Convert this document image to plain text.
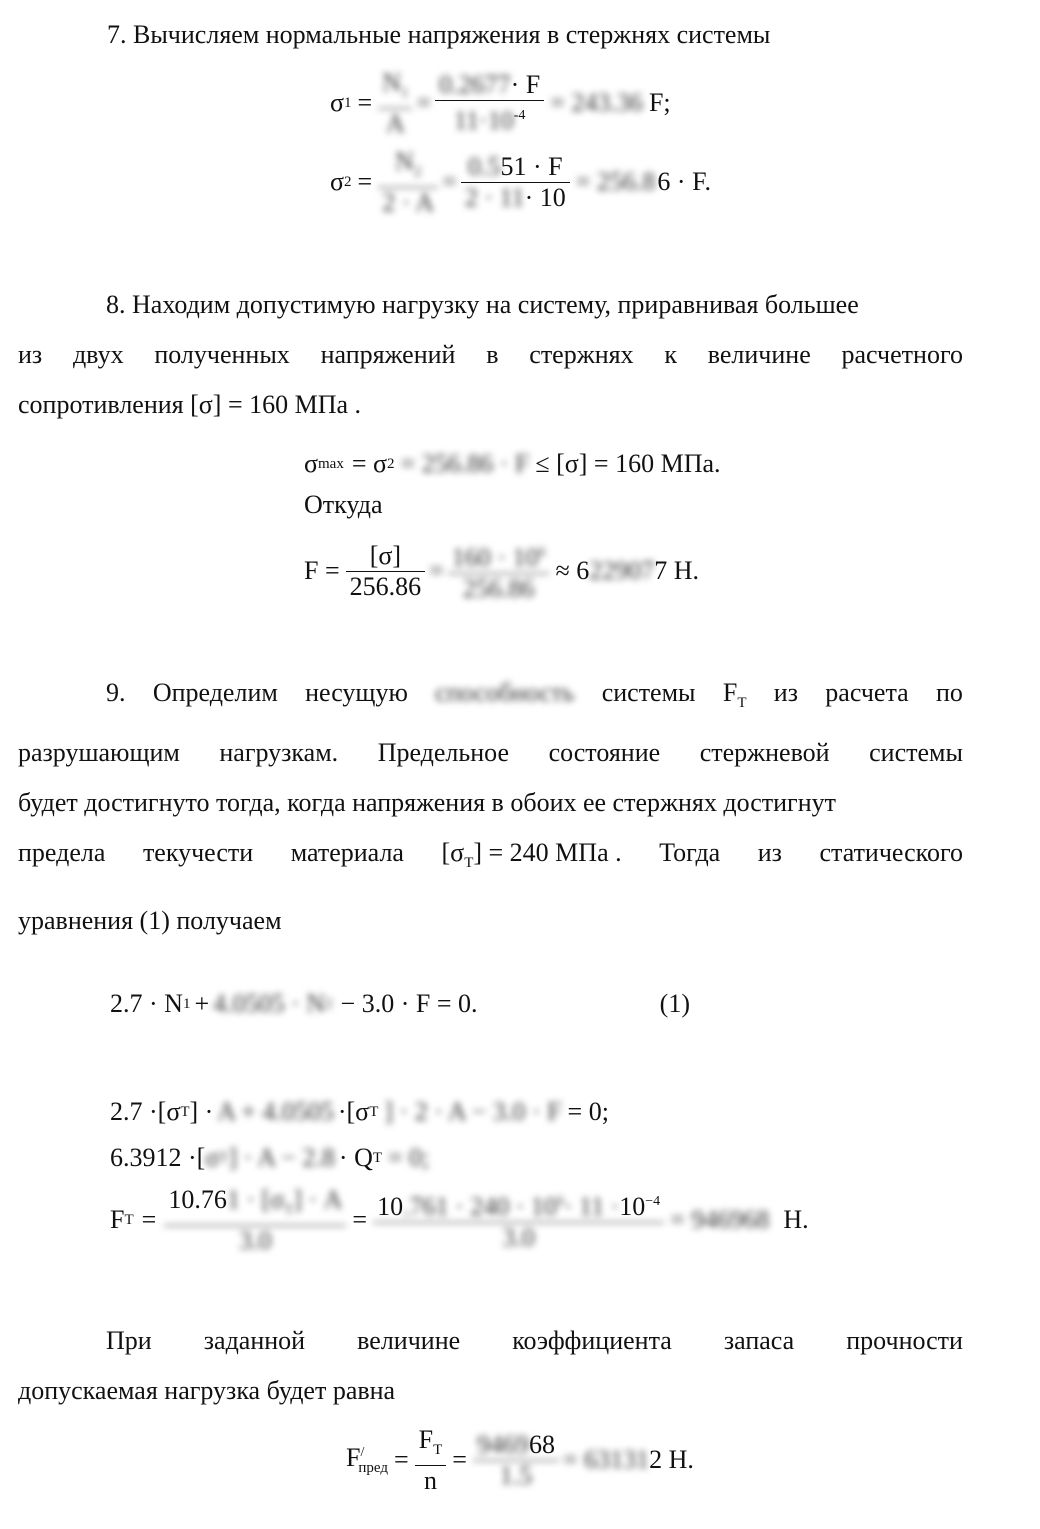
7. Вычисляем нормальные напряжения в стержнях системы
σ $1 = \frac{N_1}{A} = \frac{0.2677\cdot F}{11\cdot 10^{-4}} = 243.36$ F;
σ $2 = \frac{N_2}{2 \cdot A} = \frac{0.551 \cdot F}{2 \cdot 11\cdot 10} = 256.8$ 6 · F.
8. Находим допустимую нагрузку на систему, приравнивая большее
из двух полученных напряжений в стержнях к величине расчетного
сопротивления [σ] = 160 МПа .
σ max = σ 2 = 256.86 · F ≤ [σ] = 160 МПа.
Откуда
$F = \frac{[\sigma]}{256.86} = \frac{160 \cdot 10^6}{256.86} \approx 6$ 22907 7 Н.
9. Определим несущую способность системы $F_Т$ из расчета по
разрушающим нагрузкам. Предельное состояние стержневой системы
будет достигнуто тогда, когда напряжения в обоих ее стержнях достигнут
предела текучести материала $[\sigma_T] = 240$ МПа . Тогда из статического
уравнения (1) получаем
2.7 · N 1 + 4.0505 · N 2 − 3.0 · F = 0.	(1)
2.7 ·[σ T ] · A + 4.0505 ·[σ T ] · 2 · A − 3.0 · F = 0;
6.3912 ·[ σ T ] · A − 2.8 · Q T = 0;
F $T = \frac{10.761 \cdot [\sigma_T] \cdot A}{3.0} = \frac{10.761 \cdot 240 \cdot 10^6\cdot 11 \cdot 10^{-4}}{3.0} = 946968$ Н.
При заданной величине коэффициента запаса прочности
допускаемая нагрузка будет равна
$F^/_{пред} = \frac{F_T}{n} = \frac{946968}{1.5} = 63131$ 2 Н.
